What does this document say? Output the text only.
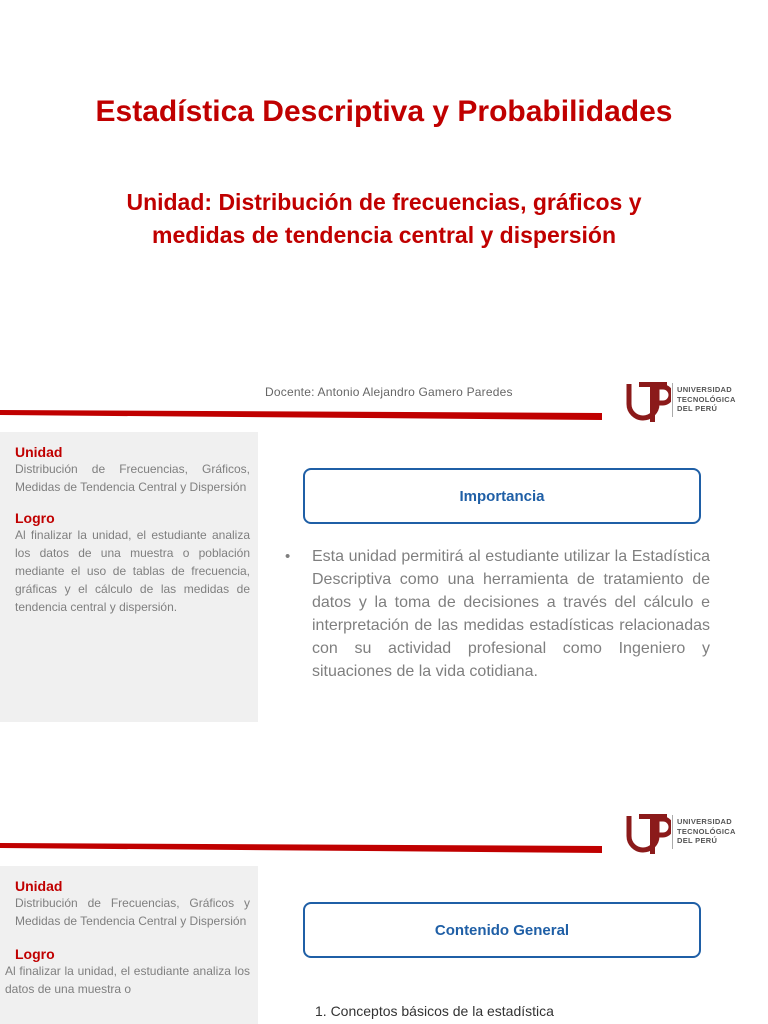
Estadística Descriptiva y Probabilidades
Unidad: Distribución de frecuencias, gráficos y
medidas de tendencia central y dispersión
Docente: Antonio Alejandro Gamero Paredes	UNIVERSIDAD
TECNOLÓGICA
DEL PERÚ
Unidad
Distribución de Frecuencias, Gráficos, Medidas de Tendencia Central y Dispersión
Logro
Al finalizar la unidad, el estudiante analiza los datos de una muestra o población mediante el uso de tablas de frecuencia, gráficas y el cálculo de las medidas de tendencia central y dispersión.
Importancia
•	Esta unidad permitirá al estudiante utilizar la Estadística Descriptiva como una herramienta de tratamiento de datos y la toma de decisiones a través del cálculo e interpretación de las medidas estadísticas relacionadas con su actividad profesional como Ingeniero y situaciones de la vida cotidiana.
UNIVERSIDAD
TECNOLÓGICA
DEL PERÚ
Unidad
Distribución de Frecuencias, Gráficos y Medidas de Tendencia Central y Dispersión
Logro
Al finalizar la unidad, el estudiante analiza los datos de una muestra o
Contenido General
1. Conceptos básicos de la estadística
